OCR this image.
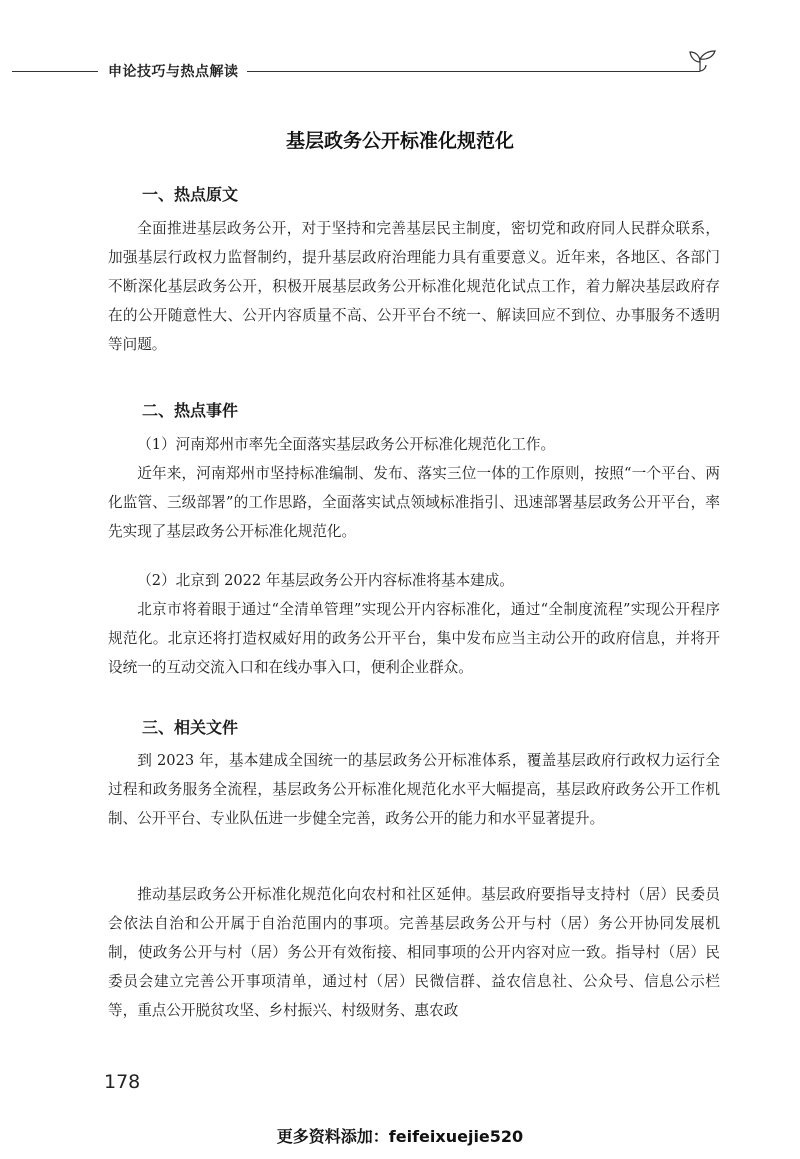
申论技巧与热点解读
基层政务公开标准化规范化
一、热点原文

全面推进基层政务公开，对于坚持和完善基层民主制度，密切党和政府同人民群众联系，加强基层行政权力监督制约，提升基层政府治理能力具有重要意义。近年来，各地区、各部门不断深化基层政务公开，积极开展基层政务公开标准化规范化试点工作，着力解决基层政府存在的公开随意性大、公开内容质量不高、公开平台不统一、解读回应不到位、办事服务不透明等问题。

二、热点事件

（1）河南郑州市率先全面落实基层政务公开标准化规范化工作。

近年来，河南郑州市坚持标准编制、发布、落实三位一体的工作原则，按照“一个平台、两化监管、三级部署”的工作思路，全面落实试点领域标准指引、迅速部署基层政务公开平台，率先实现了基层政务公开标准化规范化。

（2）北京到 2022 年基层政务公开内容标准将基本建成。

北京市将着眼于通过“全清单管理”实现公开内容标准化，通过“全制度流程”实现公开程序规范化。北京还将打造权威好用的政务公开平台，集中发布应当主动公开的政府信息，并将开设统一的互动交流入口和在线办事入口，便利企业群众。

三、相关文件

到 2023 年，基本建成全国统一的基层政务公开标准体系，覆盖基层政府行政权力运行全过程和政务服务全流程，基层政务公开标准化规范化水平大幅提高，基层政府政务公开工作机制、公开平台、专业队伍进一步健全完善，政务公开的能力和水平显著提升。

推动基层政务公开标准化规范化向农村和社区延伸。基层政府要指导支持村（居）民委员会依法自治和公开属于自治范围内的事项。完善基层政务公开与村（居）务公开协同发展机制，使政务公开与村（居）务公开有效衔接、相同事项的公开内容对应一致。指导村（居）民委员会建立完善公开事项清单，通过村（居）民微信群、益农信息社、公众号、信息公示栏等，重点公开脱贫攻坚、乡村振兴、村级财务、惠农政

178
更多资料添加：feifeixuejie520
